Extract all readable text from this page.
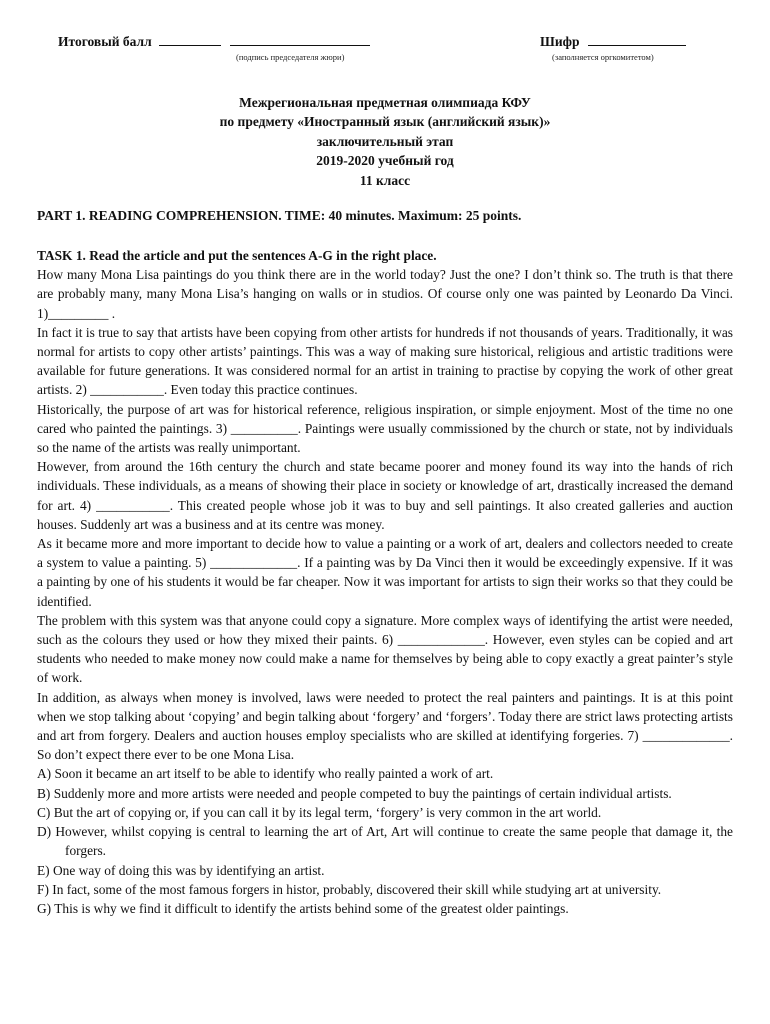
Итоговый балл
(подпись председателя жюри)
Шифр
(заполняется оргкомитетом)
Межрегиональная предметная олимпиада КФУ
по предмету «Иностранный язык (английский язык)»
заключительный этап
2019-2020 учебный год
11 класс
PART 1. READING COMPREHENSION. TIME: 40 minutes. Maximum: 25 points.

TASK 1. Read the article and put the sentences A-G in the right place.

How many Mona Lisa paintings do you think there are in the world today? Just the one? I don’t think so. The truth is that there are probably many, many Mona Lisa’s hanging on walls or in studios. Of course only one was painted by Leonardo Da Vinci. 1)_________ .

In fact it is true to say that artists have been copying from other artists for hundreds if not thousands of years. Traditionally, it was normal for artists to copy other artists’ paintings. This was a way of making sure historical, religious and artistic traditions were available for future generations. It was considered normal for an artist in training to practise by copying the work of other great artists. 2) ___________. Even today this practice continues.

Historically, the purpose of art was for historical reference, religious inspiration, or simple enjoyment. Most of the time no one cared who painted the paintings. 3) __________. Paintings were usually commissioned by the church or state, not by individuals so the name of the artists was really unimportant.

However, from around the 16th century the church and state became poorer and money found its way into the hands of rich individuals. These individuals, as a means of showing their place in society or knowledge of art, drastically increased the demand for art. 4) ___________. This created people whose job it was to buy and sell paintings. It also created galleries and auction houses. Suddenly art was a business and at its centre was money.

As it became more and more important to decide how to value a painting or a work of art, dealers and collectors needed to create a system to value a painting. 5) _____________. If a painting was by Da Vinci then it would be exceedingly expensive. If it was a painting by one of his students it would be far cheaper. Now it was important for artists to sign their works so that they could be identified.

The problem with this system was that anyone could copy a signature. More complex ways of identifying the artist were needed, such as the colours they used or how they mixed their paints. 6) _____________. However, even styles can be copied and art students who needed to make money now could make a name for themselves by being able to copy exactly a great painter’s style of work.

In addition, as always when money is involved, laws were needed to protect the real painters and paintings. It is at this point when we stop talking about ‘copying’ and begin talking about ‘forgery’ and ‘forgers’. Today there are strict laws protecting artists and art from forgery. Dealers and auction houses employ specialists who are skilled at identifying forgeries. 7) _____________. So don’t expect there ever to be one Mona Lisa.

A) Soon it became an art itself to be able to identify who really painted a work of art.

B) Suddenly more and more artists were needed and people competed to buy the paintings of certain individual artists.

C) But the art of copying or, if you can call it by its legal term, ‘forgery’ is very common in the art world.

D) However, whilst copying is central to learning the art of Art, Art will continue to create the same people that damage it, the forgers.

E) One way of doing this was by identifying an artist.

F) In fact, some of the most famous forgers in histor, probably, discovered their skill while studying art at university.

G) This is why we find it difficult to identify the artists behind some of the greatest older paintings.
